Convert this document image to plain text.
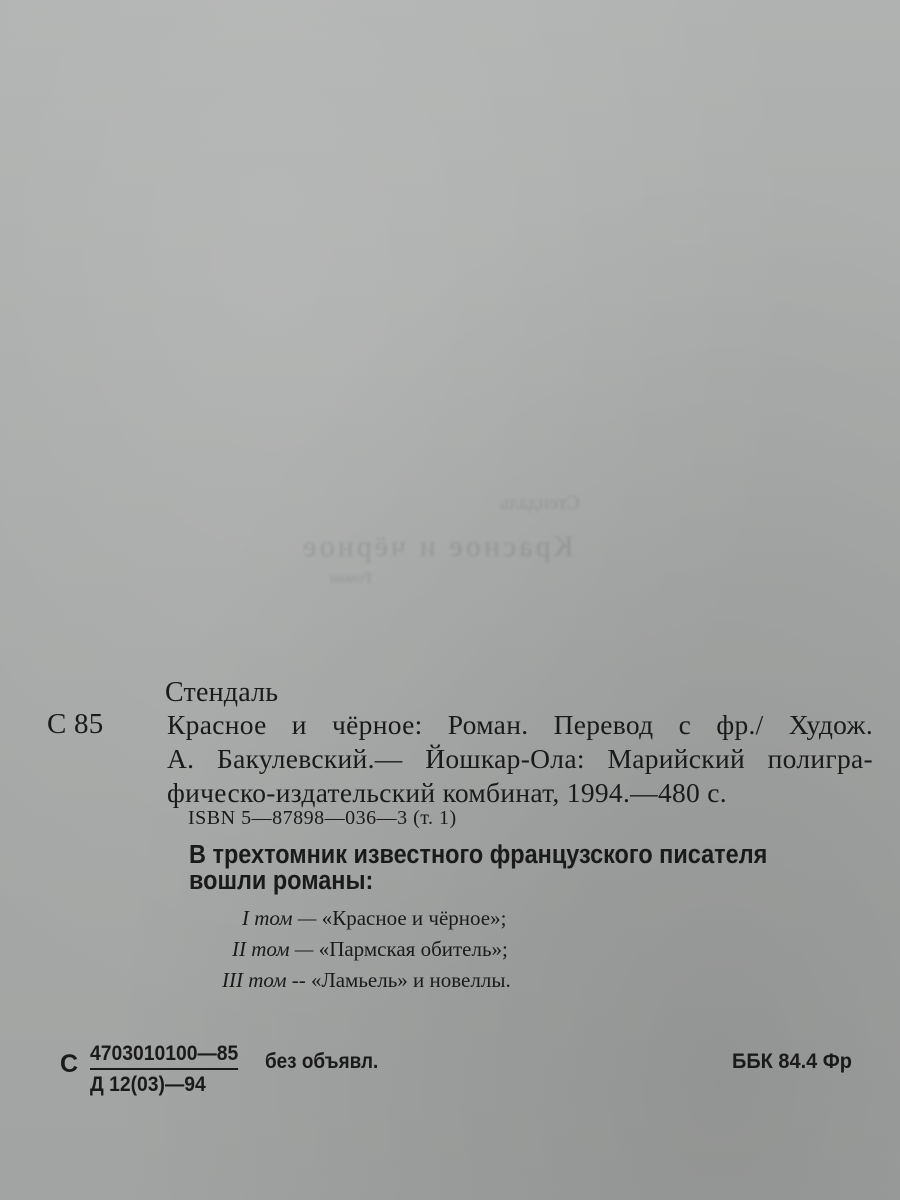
Стендаль
Красное и чёрное
Роман
Стендаль
С 85 Красное и чёрное: Роман. Перевод с фр./ Худож.
А. Бакулевский.— Йошкар-Ола: Марийский полигра-
фическо-издательский комбинат, 1994.—480 с.
ISBN 5—87898—036—3 (т. 1)
В трехтомник известного французского писателя
вошли романы:
I том — «Красное и чёрное»;
II том — «Пармская обитель»;
III том -- «Ламьель» и новеллы.
С 4703010100—85
Д 12(03)—94
без объявл.	ББК 84.4 Фр
